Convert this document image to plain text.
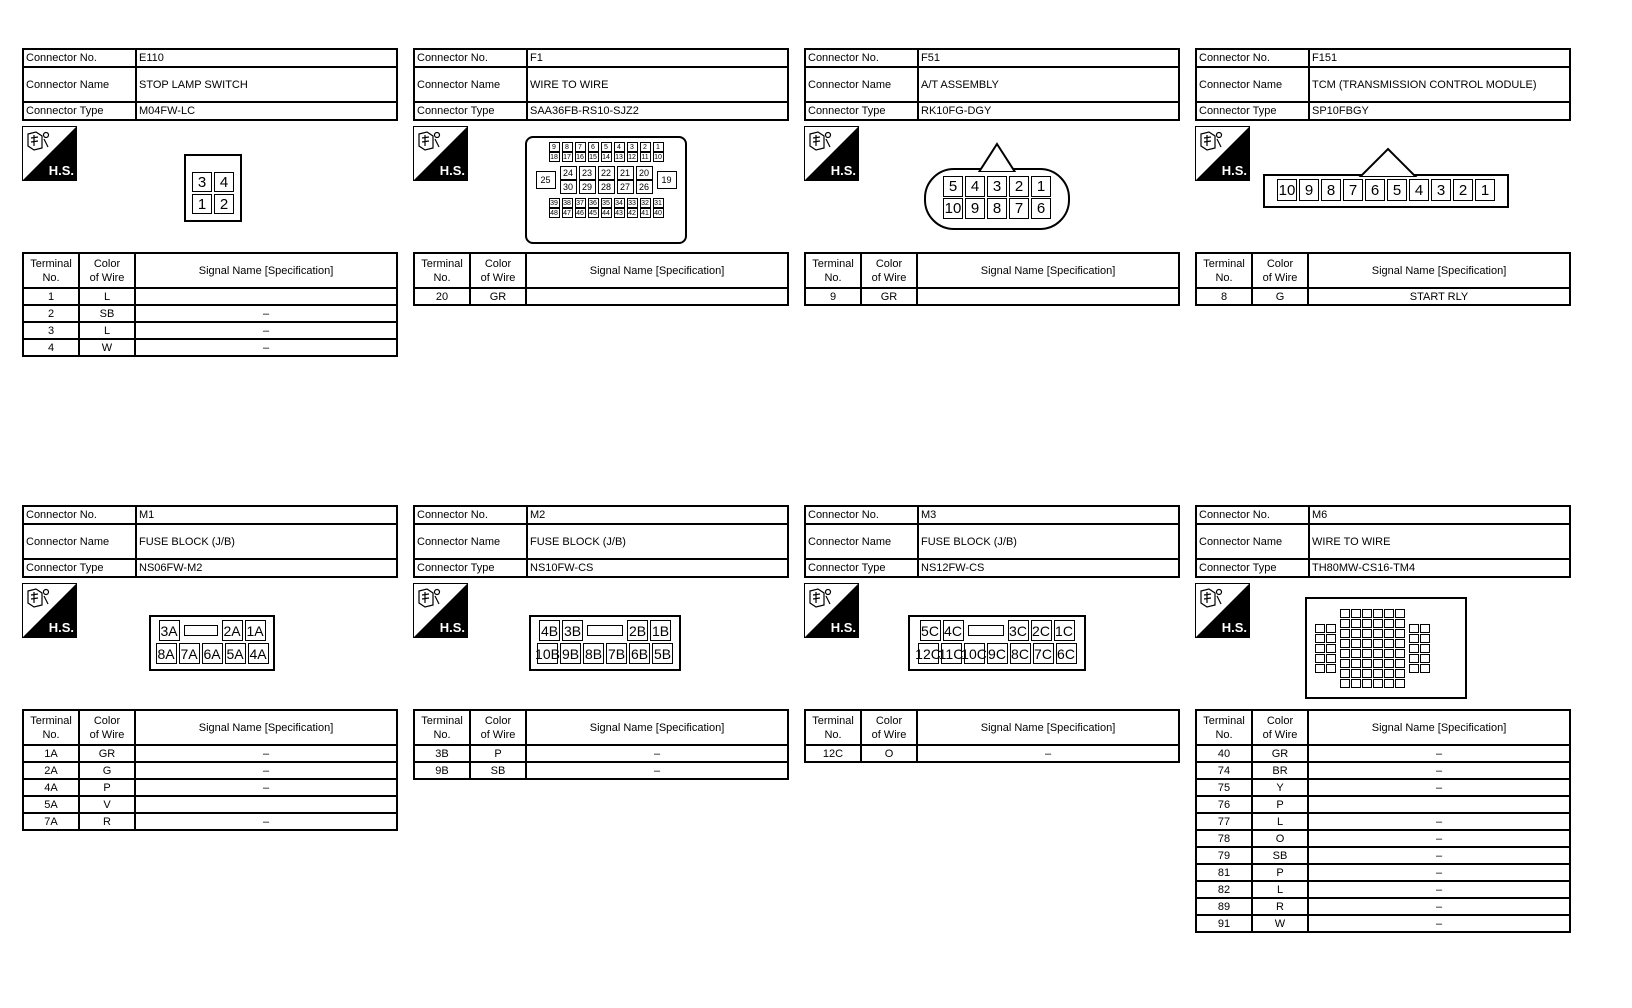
Connector No.	E110
Connector Name	STOP LAMP SWITCH
Connector Type	M04FW-LC
H.S.
3 4
1 2
Terminal
No.	Color
of Wire	Signal Name [Specification]
1	L	
2	SB	–
3	L	–
4	W	–
Connector No.	F1
Connector Name	WIRE TO WIRE
Connector Type	SAA36FB-RS10-SJZ2
H.S.
9	8	7	6	5	4	3	2	1
18 17 16 15 14 13 12 11 10
25
24 23 22 21 20
30 29 28 27 26
19
39 38 37 36 35 34 33 32 31
48 47 46 45 44 43 42 41 40
Terminal
No.	Color
of Wire	Signal Name [Specification]
20	GR	
Connector No.	F51
Connector Name	A/T ASSEMBLY
Connector Type	RK10FG-DGY
H.S.
5 4 3 2 1
10 9 8 7 6
Terminal
No.	Color
of Wire	Signal Name [Specification]
9	GR	
Connector No.	F151
Connector Name	TCM (TRANSMISSION CONTROL MODULE)
Connector Type	SP10FBGY
H.S.
10 9 8 7 6 5 4 3 2 1
Terminal
No.	Color
of Wire	Signal Name [Specification]
8	G	START RLY
Connector No.	M1
Connector Name	FUSE BLOCK (J/B)
Connector Type	NS06FW-M2
H.S.	3A	2A 1A
8A 7A 6A 5A 4A
Terminal
No.	Color
of Wire	Signal Name [Specification]
1A	GR	–
2A	G	–
4A	P	–
5A	V	
7A	R	–
Connector No.	M2
Connector Name	FUSE BLOCK (J/B)
Connector Type	NS10FW-CS
H.S.	4B 3B	2B 1B
10B 9B 8B 7B 6B 5B
Terminal
No.	Color
of Wire	Signal Name [Specification]
3B	P	–
9B	SB	–
Connector No.	M3
Connector Name	FUSE BLOCK (J/B)
Connector Type	NS12FW-CS
H.S.	5C 4C	3C 2C 1C
12C
11C
10C 9C 8C 7C 6C
Terminal
No.	Color
of Wire	Signal Name [Specification]
12C	O	–
Connector No.	M6
Connector Name	WIRE TO WIRE
Connector Type	TH80MW-CS16-TM4
H.S.
Terminal
No.	Color
of Wire	Signal Name [Specification]
40	GR	–
74	BR	–
75	Y	–
76	P	
77	L	–
78	O	–
79	SB	–
81	P	–
82	L	–
89	R	–
91	W	–
